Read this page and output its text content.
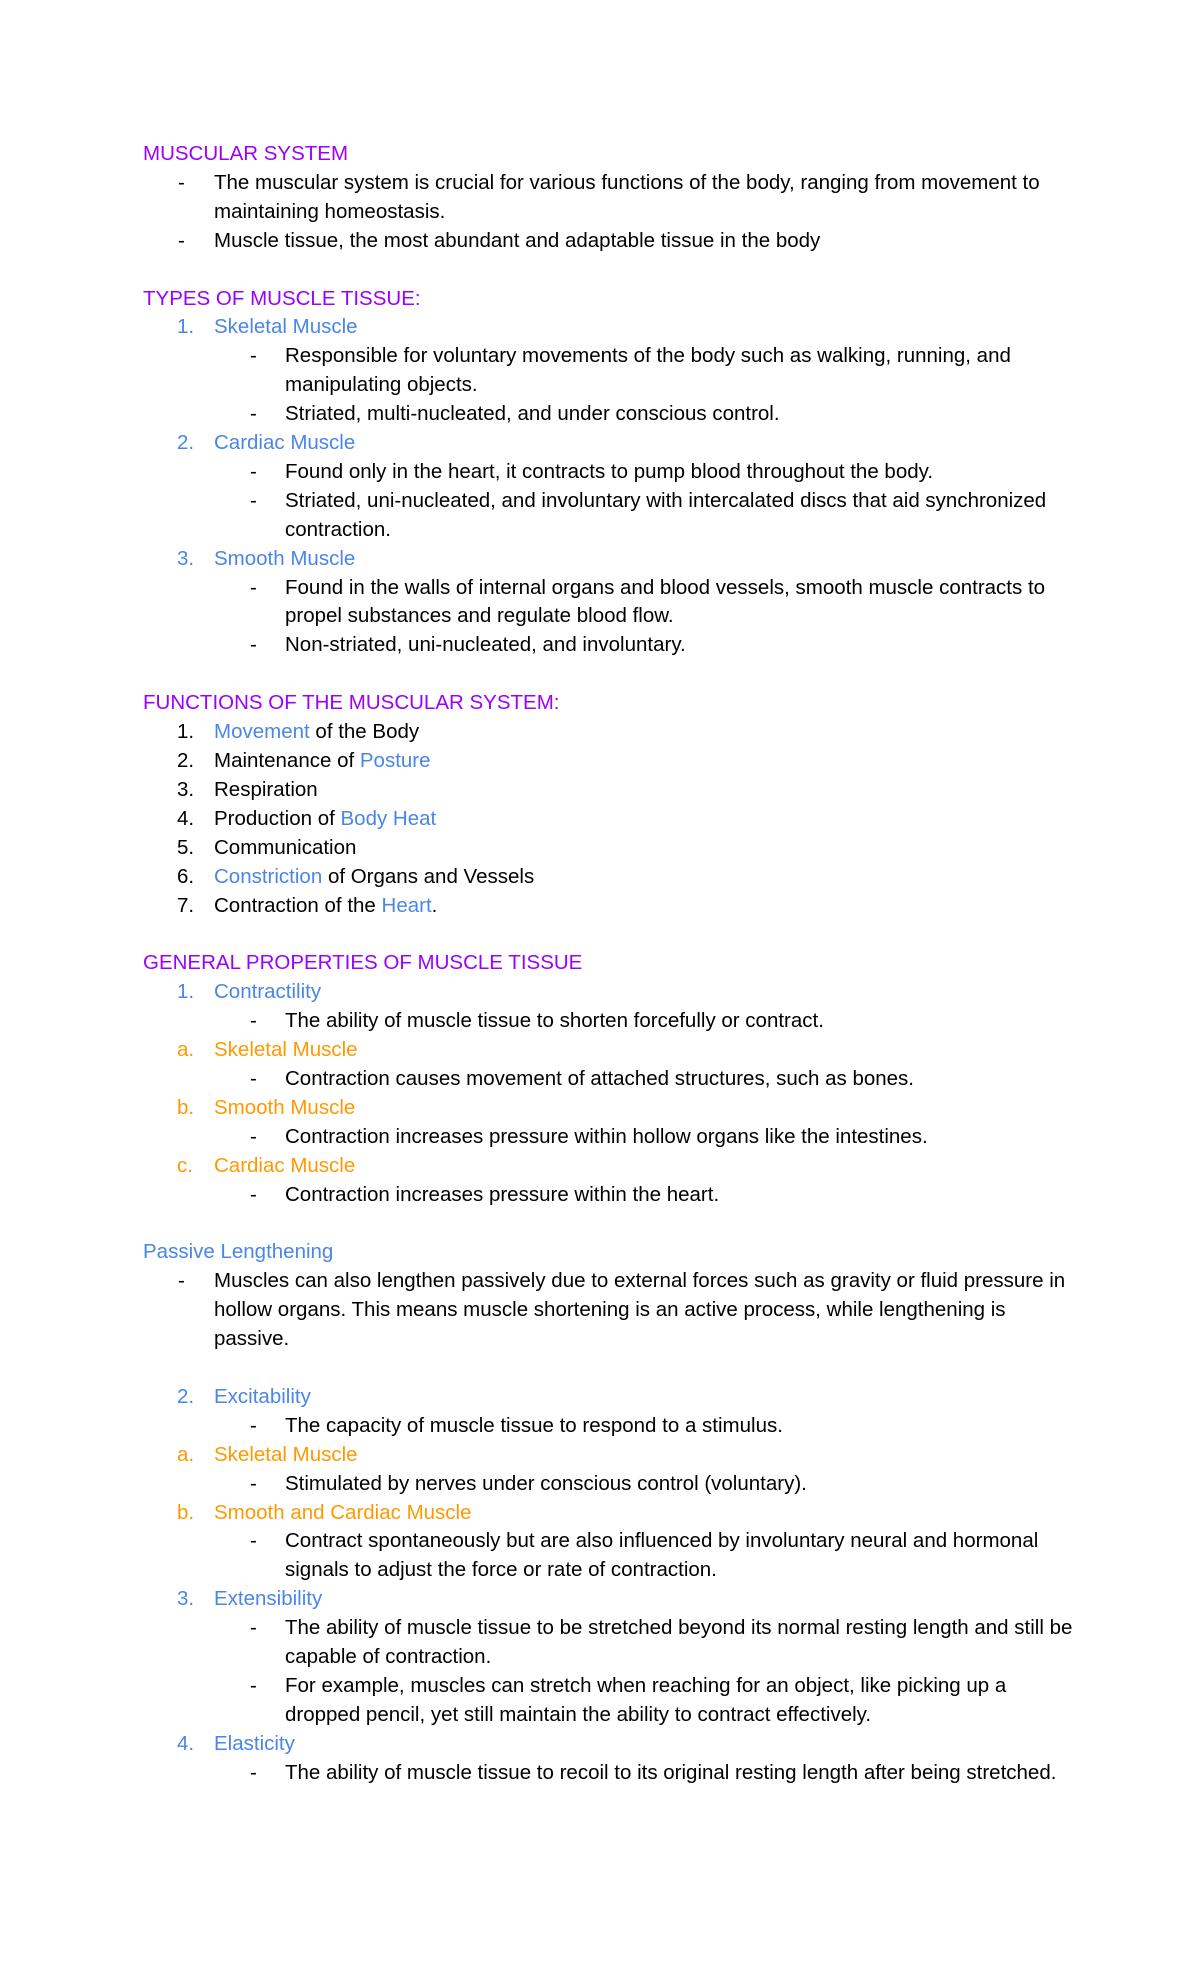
MUSCULAR SYSTEM
- The muscular system is crucial for various functions of the body, ranging from movement to maintaining homeostasis.
- Muscle tissue, the most abundant and adaptable tissue in the body
TYPES OF MUSCLE TISSUE:
1. Skeletal Muscle
- Responsible for voluntary movements of the body such as walking, running, and manipulating objects.
- Striated, multi-nucleated, and under conscious control.
2. Cardiac Muscle
- Found only in the heart, it contracts to pump blood throughout the body.
- Striated, uni-nucleated, and involuntary with intercalated discs that aid synchronized contraction.
3. Smooth Muscle
- Found in the walls of internal organs and blood vessels, smooth muscle contracts to propel substances and regulate blood flow.
- Non-striated, uni-nucleated, and involuntary.
FUNCTIONS OF THE MUSCULAR SYSTEM:
1. Movement of the Body
2. Maintenance of Posture
3. Respiration
4. Production of Body Heat
5. Communication
6. Constriction of Organs and Vessels
7. Contraction of the Heart.
GENERAL PROPERTIES OF MUSCLE TISSUE
1. Contractility
- The ability of muscle tissue to shorten forcefully or contract.
a. Skeletal Muscle
- Contraction causes movement of attached structures, such as bones.
b. Smooth Muscle
- Contraction increases pressure within hollow organs like the intestines.
c. Cardiac Muscle
- Contraction increases pressure within the heart.
Passive Lengthening
- Muscles can also lengthen passively due to external forces such as gravity or fluid pressure in hollow organs. This means muscle shortening is an active process, while lengthening is passive.
2. Excitability
- The capacity of muscle tissue to respond to a stimulus.
a. Skeletal Muscle
- Stimulated by nerves under conscious control (voluntary).
b. Smooth and Cardiac Muscle
- Contract spontaneously but are also influenced by involuntary neural and hormonal signals to adjust the force or rate of contraction.
3. Extensibility
- The ability of muscle tissue to be stretched beyond its normal resting length and still be capable of contraction.
- For example, muscles can stretch when reaching for an object, like picking up a dropped pencil, yet still maintain the ability to contract effectively.
4. Elasticity
- The ability of muscle tissue to recoil to its original resting length after being stretched.
